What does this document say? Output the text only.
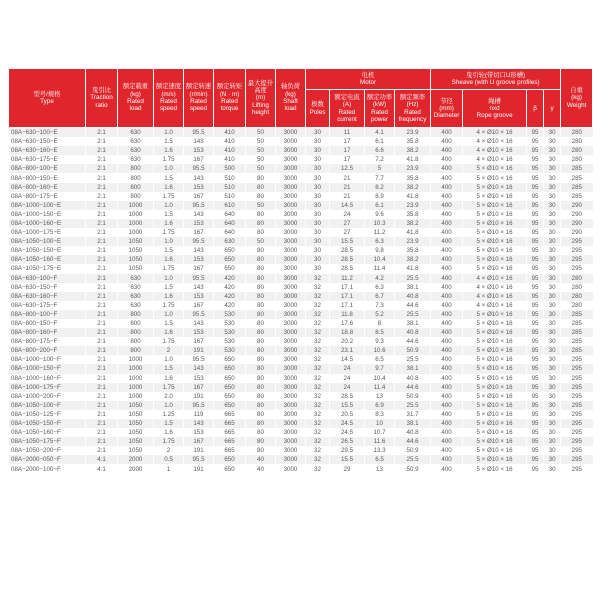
型号/规格
Type	曳引比
Traction
ratio	额定载重
(kg)
Rated
load	额定速度
(m/s)
Rated
speed	额定转速
(r/min)
Rated
speed	额定转矩
(N · m)
Rated
torque	最大提升
高度
(m)
Lifting
height	轴负荷
(kg)
Shaft
load	电机
Motor				曳引轮(带切口U形槽)
Sheave (with U groove profiles)				自重
(kg)
Weight

								极数
Poles	额定电流
(A)
Rated
current	额定功率
(kW)
Rated
power	额定频率
(Hz)
Rated
frequency	节径
(mm)
Diameter	绳槽
nxd
Rope groove	β	γ	

08A−630−100−E	2:1	630	1.0	95.5	410	50	3000	30	11	4.1	23.9	400	4 × Ø10 × 16	95	30	280
08A−630−150−E	2:1	630	1.5	143	410	50	3000	30	17	6.1	35.8	400	4 × Ø10 × 16	95	30	280
08A−630−160−E	2:1	630	1.6	153	410	50	3000	30	17	6.6	38.2	400	4 × Ø10 × 16	95	30	280
08A−630−175−E	2:1	630	1.75	167	410	50	3000	30	17	7.2	41.8	400	4 × Ø10 × 16	95	30	280
08A−800−100−E	2:1	800	1.0	95.5	500	50	3000	30	12.5	5	23.9	400	5 × Ø10 × 16	95	30	285
08A−800−150−E	2:1	800	1.5	143	510	80	3000	30	21	7.7	35.8	400	5 × Ø10 × 16	95	30	285
08A−800−160−E	2:1	800	1.6	153	510	80	3000	30	21	8.2	38.2	400	5 × Ø10 × 16	95	30	285
08A−800−175−E	2:1	800	1.75	167	510	80	3000	30	21	8.9	41.8	400	5 × Ø10 × 16	95	30	285
08A−1000−100−E	2:1	1000	1.0	95.5	610	50	3000	30	14.5	6.1	23.9	400	5 × Ø10 × 16	95	30	290
08A−1000−150−E	2:1	1000	1.5	143	640	80	3000	30	24	9.6	35.8	400	5 × Ø10 × 16	95	30	290
08A−1000−160−E	2:1	1000	1.6	153	640	80	3000	30	27	10.3	38.2	400	5 × Ø10 × 16	95	30	290
08A−1000−175−E	2:1	1000	1.75	167	640	80	3000	30	27	11.2	41.8	400	5 × Ø10 × 16	95	30	290
08A−1050−100−E	2:1	1050	1.0	95.5	630	50	3000	30	15.5	6.3	23.9	400	5 × Ø10 × 16	95	30	295
08A−1050−150−E	2:1	1050	1.5	143	650	80	3000	30	28.5	9.8	35.8	400	5 × Ø10 × 16	95	30	295
08A−1050−160−E	2:1	1050	1.6	153	650	80	3000	30	28.5	10.4	38.2	400	5 × Ø10 × 16	95	30	295
08A−1050−175−E	2:1	1050	1.75	167	650	80	3000	30	28.5	11.4	41.8	400	5 × Ø10 × 16	95	30	295
08A−630−100−F	2:1	630	1.0	95.5	420	80	3000	32	11.2	4.2	25.5	400	4 × Ø10 × 16	95	30	280
08A−630−150−F	2:1	630	1.5	143	420	80	3000	32	17.1	6.3	38.1	400	4 × Ø10 × 16	95	30	280
08A−630−160−F	2:1	630	1.6	153	420	80	3000	32	17.1	6.7	40.8	400	4 × Ø10 × 16	95	30	280
08A−630−175−F	2:1	630	1.75	167	420	80	3000	32	17.1	7.3	44.6	400	4 × Ø10 × 16	95	30	280
08A−800−100−F	2:1	800	1.0	95.5	530	80	3000	32	11.8	5.2	25.5	400	5 × Ø10 × 16	95	30	285
08A−800−150−F	2:1	800	1.5	143	530	80	3000	32	17.6	8	38.1	400	5 × Ø10 × 16	95	30	285
08A−800−160−F	2:1	800	1.6	153	530	80	3000	32	18.8	8.5	40.8	400	5 × Ø10 × 16	95	30	285
08A−800−175−F	2:1	800	1.75	167	530	80	3000	32	20.2	9.3	44.6	400	5 × Ø10 × 16	95	30	285
08A−800−200−F	2:1	800	2	191	530	80	3000	32	23.1	10.6	50.9	400	5 × Ø10 × 16	95	30	285
08A−1000−100−F	2:1	1000	1.0	95.5	650	80	3000	32	14.5	6.5	25.5	400	5 × Ø10 × 16	95	30	295
08A−1000−150−F	2:1	1000	1.5	143	650	80	3000	32	24	9.7	38.1	400	5 × Ø10 × 16	95	30	295
08A−1000−160−F	2:1	1000	1.6	153	650	80	3000	32	24	10.4	40.8	400	5 × Ø10 × 16	95	30	295
08A−1000−175−F	2:1	1000	1.75	167	650	80	3000	32	24	11.4	44.6	400	5 × Ø10 × 16	95	30	295
08A−1000−200−F	2:1	1000	2.0	191	650	80	3000	32	28.5	13	50.9	400	5 × Ø10 × 16	95	30	295
08A−1050−100−F	2:1	1050	1.0	95.5	650	80	3000	32	15.5	6.9	25.5	400	5 × Ø10 × 16	95	30	295
08A−1050−125−F	2:1	1050	1.25	119	665	80	3000	32	20.5	8.3	31.7	400	5 × Ø10 × 16	95	30	295
08A−1050−150−F	2:1	1050	1.5	143	665	80	3000	32	24.5	10	38.1	400	5 × Ø10 × 16	95	30	295
08A−1050−160−F	2:1	1050	1.6	153	665	80	3000	32	24.5	10.7	40.8	400	5 × Ø10 × 16	95	30	295
08A−1050−175−F	2:1	1050	1.75	167	665	80	3000	32	26.5	11.6	44.6	400	5 × Ø10 × 16	95	30	295
08A−1050−200−F	2:1	1050	2	191	665	80	3000	32	29.5	13.3	50.9	400	5 × Ø10 × 16	95	30	295
08A−2000−050−F	4:1	2000	0.5	95.5	650	40	3000	32	15.5	6.5	25.5	400	5 × Ø10 × 16	95	30	295
08A−2000−100−F	4:1	2000	1	191	650	40	3000	32	29	13	50.9	400	5 × Ø10 × 16	95	30	295
